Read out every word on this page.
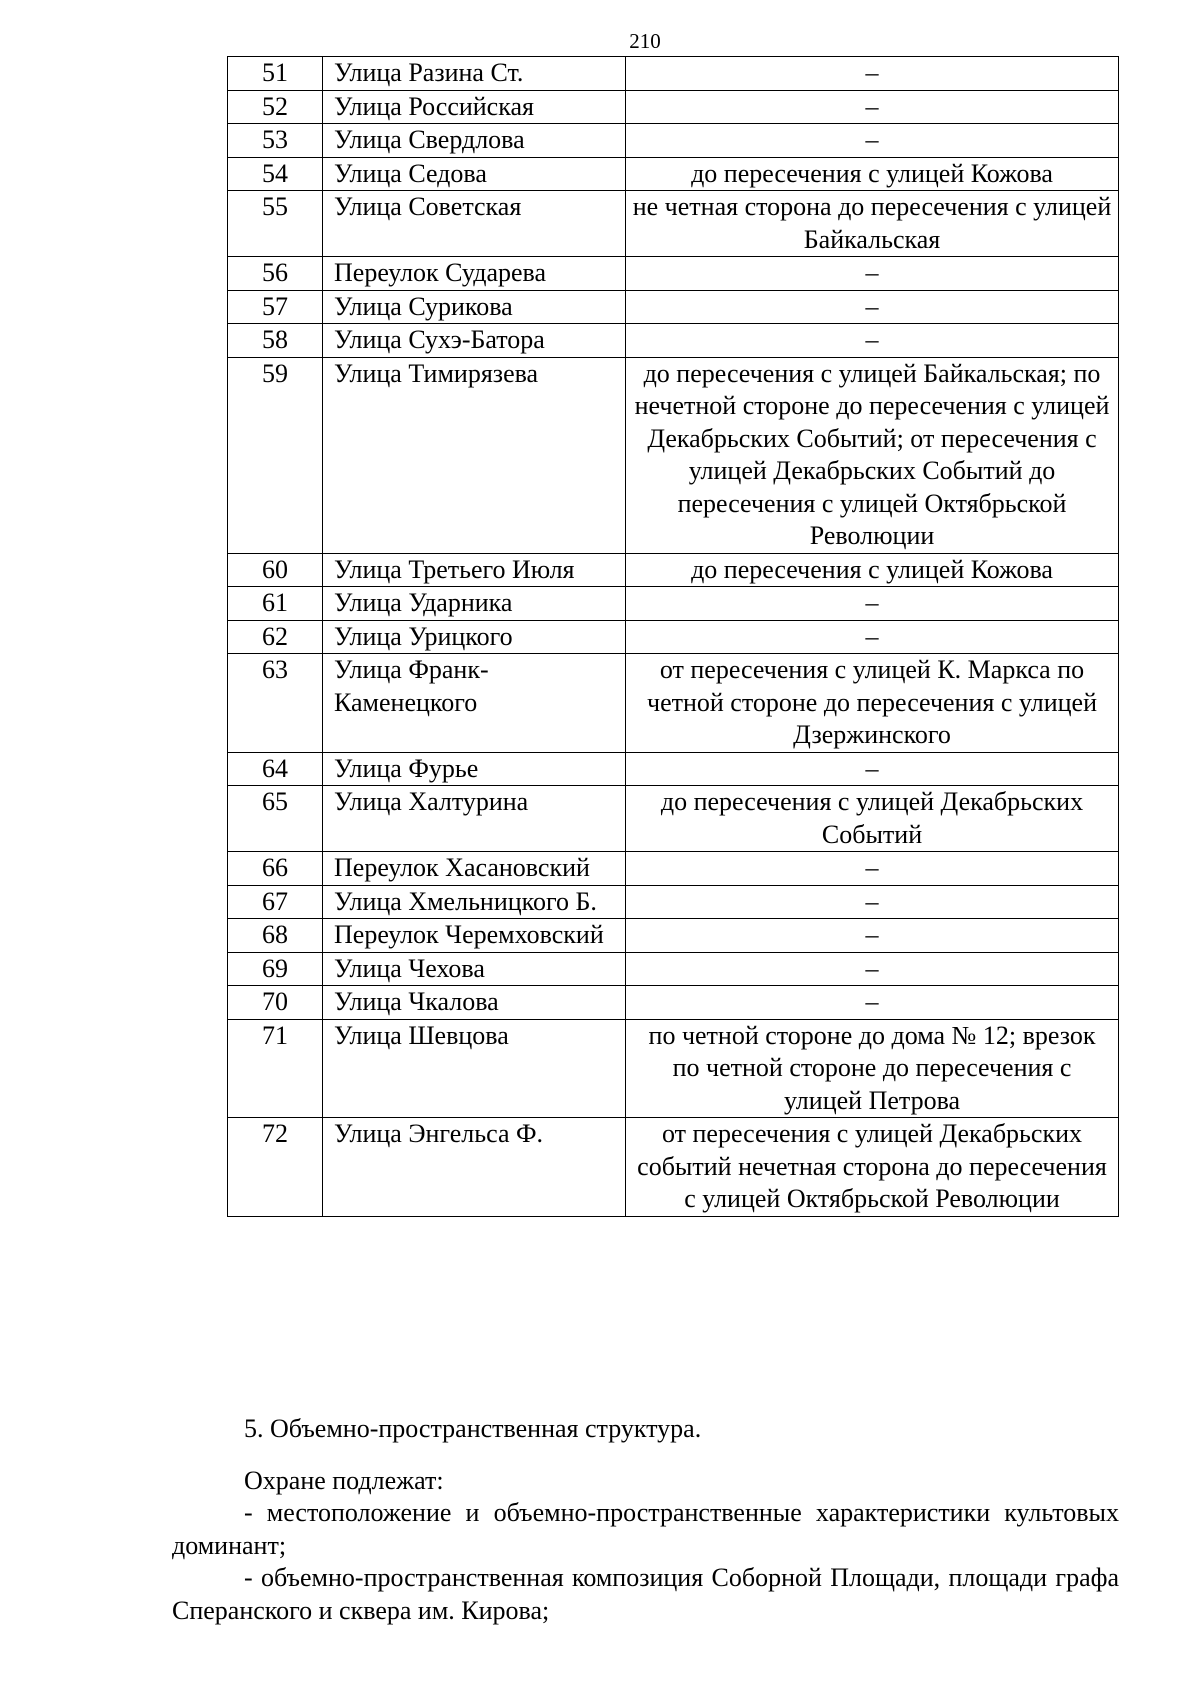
210
51	Улица Разина Ст.	–
52	Улица Российская	–
53	Улица Свердлова	–
54	Улица Седова	до пересечения с улицей Кожова
55	Улица Советская	не четная сторона до пересечения с улицей Байкальская
56	Переулок Сударева	–
57	Улица Сурикова	–
58	Улица Сухэ-Батора	–
59	Улица Тимирязева	до пересечения с улицей Байкальская; по нечетной стороне до пересечения с улицей Декабрьских Событий; от пересечения с улицей Декабрьских Событий до пересечения с улицей Октябрьской Революции
60	Улица Третьего Июля	до пересечения с улицей Кожова
61	Улица Ударника	–
62	Улица Урицкого	–
63	Улица Франк-Каменецкого	от пересечения с улицей К. Маркса по четной стороне до пересечения с улицей Дзержинского
64	Улица Фурье	–
65	Улица Халтурина	до пересечения с улицей Декабрьских Событий
66	Переулок Хасановский	–
67	Улица Хмельницкого Б.	–
68	Переулок Черемховский	–
69	Улица Чехова	–
70	Улица Чкалова	–
71	Улица Шевцова	по четной стороне до дома № 12; врезок по четной стороне до пересечения с улицей Петрова
72	Улица Энгельса Ф.	от пересечения с улицей Декабрьских событий нечетная сторона до пересечения с улицей Октябрьской Революции
5. Объемно-пространственная структура.
Охране подлежат:
- местоположение и объемно-пространственные характеристики культовых доминант;
- объемно-пространственная композиция Соборной Площади, площади графа Сперанского и сквера им. Кирова;
